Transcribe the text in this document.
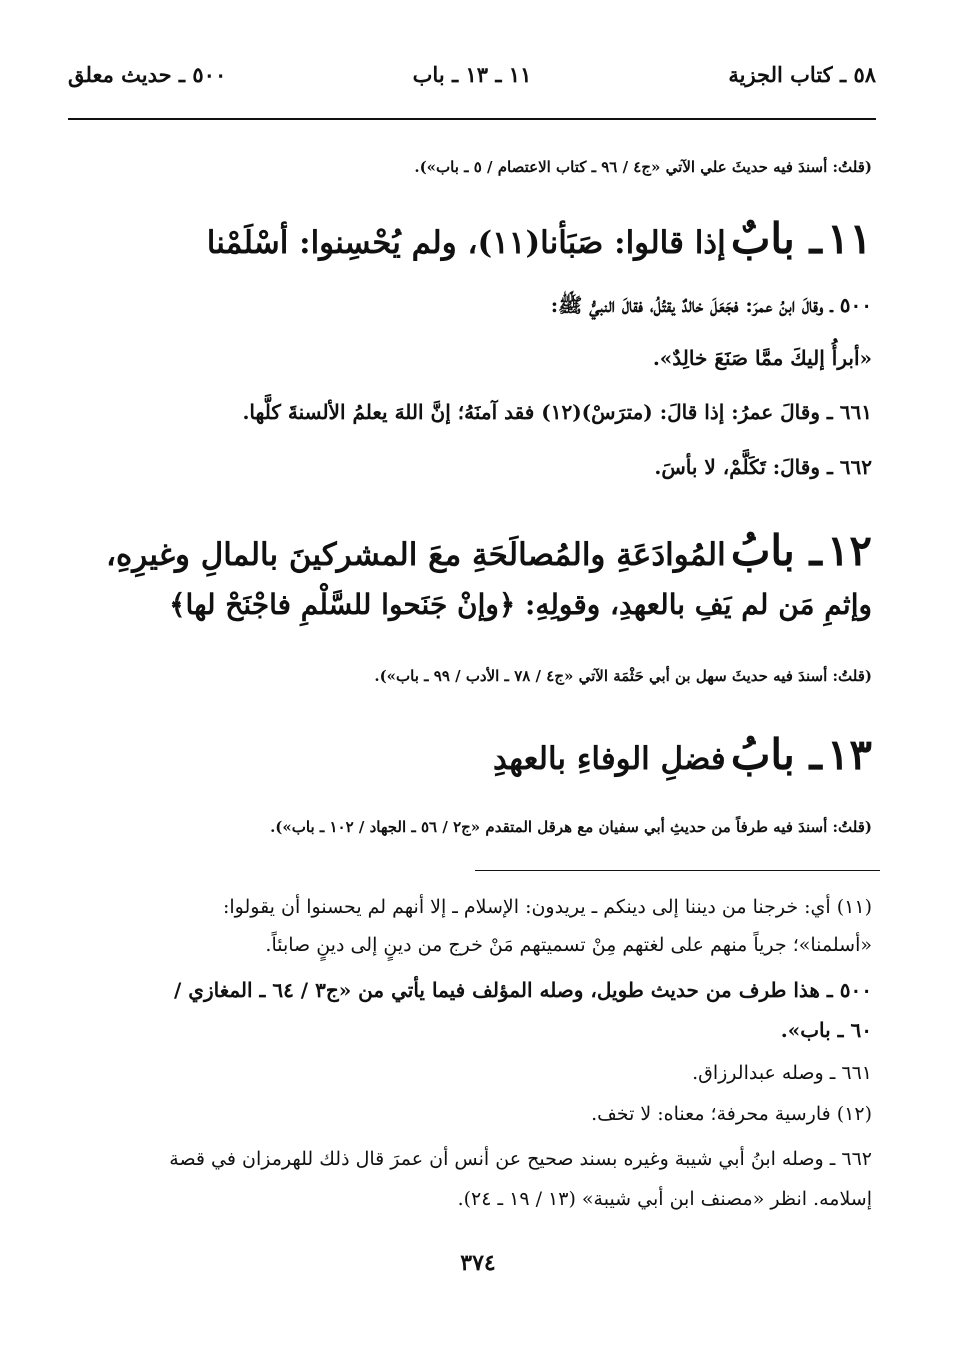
٥٨ ـ كتاب الجزية
١١ ـ ١٣ ـ باب
٥٠٠ ـ حديث معلق
(قلتُ: أسندَ فيه حديثَ علي الآتي «ج٤ / ٩٦ ـ كتاب الاعتصام / ٥ ـ باب»).
١١ ـ بابٌ إذا قالوا: صَبَأنا(١١)، ولم يُحْسِنوا: أسْلَمْنا
٥٠٠ ـ وقالَ ابنُ عمرَ: فجَعَلَ خالدٌ يقتُلُ، فقالَ النبيُّ ﷺ:
«أبرأُ إليكَ ممَّا صَنَعَ خالِدٌ».
٦٦١ ـ وقالَ عمرُ: إذا قالَ: (مترَسْ)(١٢) فقد آمنَهُ؛ إنَّ اللهَ يعلمُ الألسنةَ كلَّها.
٦٦٢ ـ وقالَ: تَكَلَّمْ، لا بأسَ.
١٢ ـ بابُ المُوادَعَةِ والمُصالَحَةِ معَ المشركينَ بالمالِ وغيرِهِ،
وإثمِ مَن لم يَفِ بالعهدِ، وقولِهِ: ﴿وإنْ جَنَحوا للسَّلْمِ فاجْنَحْ لها﴾
(قلتُ: أسندَ فيه حديثَ سهل بن أبي حَثْمَة الآتي «ج٤ / ٧٨ ـ الأدب / ٩٩ ـ باب»).
١٣ ـ بابُ فضلِ الوفاءِ بالعهدِ
(قلتُ: أسندَ فيه طرفاً من حديثِ أبي سفيان مع هرقل المتقدم «ج٢ / ٥٦ ـ الجهاد / ١٠٢ ـ باب»).
(١١) أي: خرجنا من ديننا إلى دينكم ـ يريدون: الإسلام ـ إلا أنهم لم يحسنوا أن يقولوا:
«أسلمنا»؛ جرياً منهم على لغتهم مِنْ تسميتهم مَنْ خرج من دينٍ إلى دينٍ صابئاً.
٥٠٠ ـ هذا طرف من حديث طويل، وصله المؤلف فيما يأتي من «ج٣ / ٦٤ ـ المغازي /
٦٠ ـ باب».
٦٦١ ـ وصله عبدالرزاق.
(١٢) فارسية محرفة؛ معناه: لا تخف.
٦٦٢ ـ وصله ابنُ أبي شيبة وغيره بسند صحيح عن أنس أن عمرَ قال ذلك للهرمزان في قصة
إسلامه. انظر «مصنف ابن أبي شيبة» (١٣ / ١٩ ـ ٢٤).
٣٧٤
